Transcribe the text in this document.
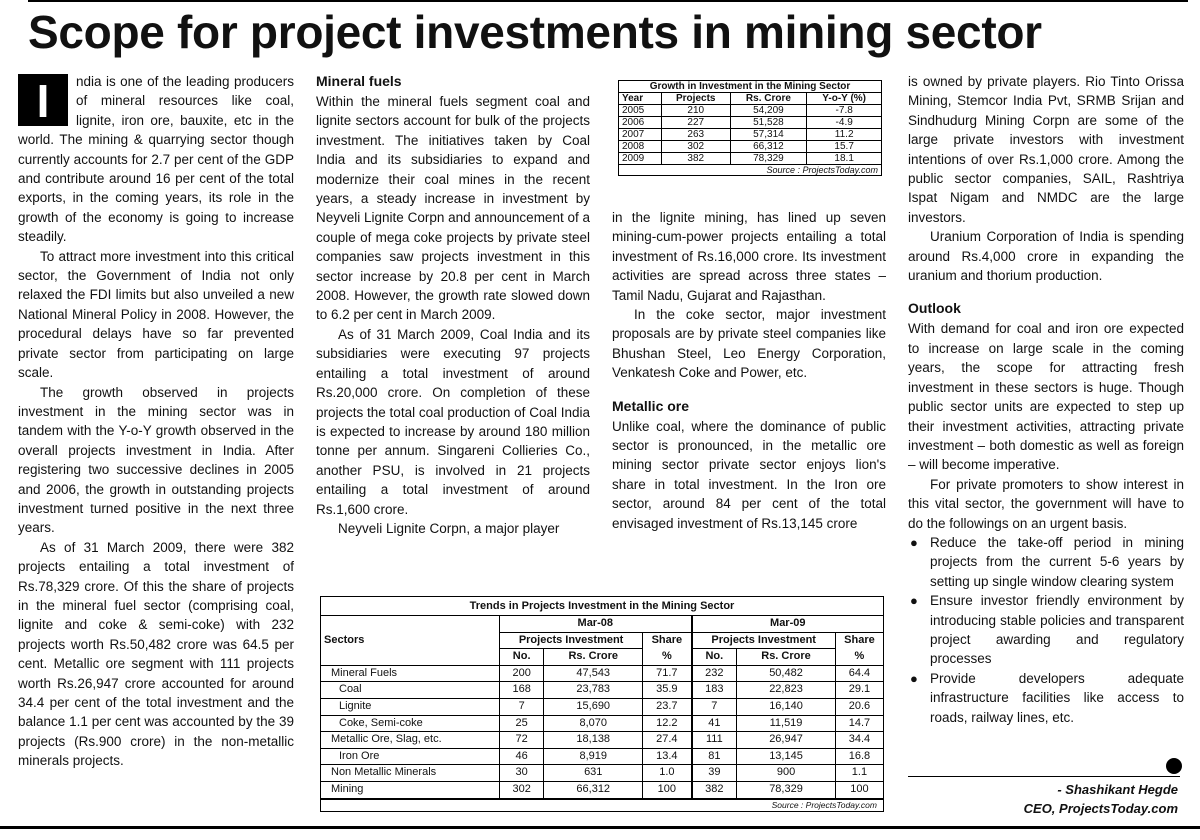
Scope for project investments in mining sector
I	ndia is one of the leading producers of mineral resources like coal, lignite, iron ore, bauxite, etc in the world. The mining & quarrying sector though currently accounts for 2.7 per cent of the GDP and contribute around 16 per cent of the total exports, in the coming years, its role in the growth of the economy is going to increase steadily.

To attract more investment into this critical sector, the Government of India not only relaxed the FDI limits but also unveiled a new National Mineral Policy in 2008. However, the procedural delays have so far prevented private sector from participating on large scale.

The growth observed in projects investment in the mining sector was in tandem with the Y-o-Y growth observed in the overall projects investment in India. After registering two successive declines in 2005 and 2006, the growth in outstanding projects investment turned positive in the next three years.

As of 31 March 2009, there were 382 projects entailing a total investment of Rs.78,329 crore. Of this the share of projects in the mineral fuel sector (comprising coal, lignite and coke & semi-coke) with 232 projects worth Rs.50,482 crore was 64.5 per cent. Metallic ore segment with 111 projects worth Rs.26,947 crore accounted for around 34.4 per cent of the total investment and the balance 1.1 per cent was accounted by the 39 projects (Rs.900 crore) in the non-metallic minerals projects.

Mineral fuels

Within the mineral fuels segment coal and lignite sectors account for bulk of the projects investment. The initiatives taken by Coal India and its subsidiaries to expand and modernize their coal mines in the recent years, a steady increase in investment by Neyveli Lignite Corpn and announcement of a couple of mega coke projects by private steel companies saw projects investment in this sector increase by 20.8 per cent in March 2008. However, the growth rate slowed down to 6.2 per cent in March 2009.

As of 31 March 2009, Coal India and its subsidiaries were executing 97 projects entailing a total investment of around Rs.20,000 crore. On completion of these projects the total coal production of Coal India is expected to increase by around 180 million tonne per annum. Singareni Collieries Co., another PSU, is involved in 21 projects entailing a total investment of around Rs.1,600 crore.

Neyveli Lignite Corpn, a major player

Growth in Investment in the Mining Sector
Year	Projects	Rs. Crore	Y-o-Y (%)
2005	210	54,209	-7.8
2006	227	51,528	-4.9
2007	263	57,314	11.2
2008	302	66,312	15.7
2009	382	78,329	18.1
Source : ProjectsToday.com

in the lignite mining, has lined up seven mining-cum-power projects entailing a total investment of Rs.16,000 crore. Its investment activities are spread across three states – Tamil Nadu, Gujarat and Rajasthan.

In the coke sector, major investment proposals are by private steel companies like Bhushan Steel, Leo Energy Corporation, Venkatesh Coke and Power, etc.

Metallic ore

Unlike coal, where the dominance of public sector is pronounced, in the metallic ore mining sector private sector enjoys lion's share in total investment. In the Iron ore sector, around 84 per cent of the total envisaged investment of Rs.13,145 crore

is owned by private players. Rio Tinto Orissa Mining, Stemcor India Pvt, SRMB Srijan and Sindhudurg Mining Corpn are some of the large private investors with investment intentions of over Rs.1,000 crore. Among the public sector companies, SAIL, Rashtriya Ispat Nigam and NMDC are the large investors.

Uranium Corporation of India is spending around Rs.4,000 crore in expanding the uranium and thorium production.

Outlook

With demand for coal and iron ore expected to increase on large scale in the coming years, the scope for attracting fresh investment in these sectors is huge. Though public sector units are expected to step up their investment activities, attracting private investment – both domestic as well as foreign – will become imperative.

For private promoters to show interest in this vital sector, the government will have to do the followings on an urgent basis.

● Reduce the take-off period in mining projects from the current 5-6 years by setting up single window clearing system
● Ensure investor friendly environment by introducing stable policies and transparent project awarding and regulatory processes
● Provide developers adequate infrastructure facilities like access to roads, railway lines, etc.
- Shashikant Hegde
CEO, ProjectsToday.com
Trends in Projects Investment in the Mining Sector
Sectors	Mar-08			Mar-09		
	Projects Investment		Share	Projects Investment		Share
	No.	Rs. Crore	%	No.	Rs. Crore	%
Mineral Fuels	200	47,543	71.7	232	50,482	64.4
Coal	168	23,783	35.9	183	22,823	29.1
Lignite	7	15,690	23.7	7	16,140	20.6
Coke, Semi-coke	25	8,070	12.2	41	11,519	14.7
Metallic Ore, Slag, etc.	72	18,138	27.4	111	26,947	34.4
Iron Ore	46	8,919	13.4	81	13,145	16.8
Non Metallic Minerals	30	631	1.0	39	900	1.1
Mining	302	66,312	100	382	78,329	100
Source : ProjectsToday.com
